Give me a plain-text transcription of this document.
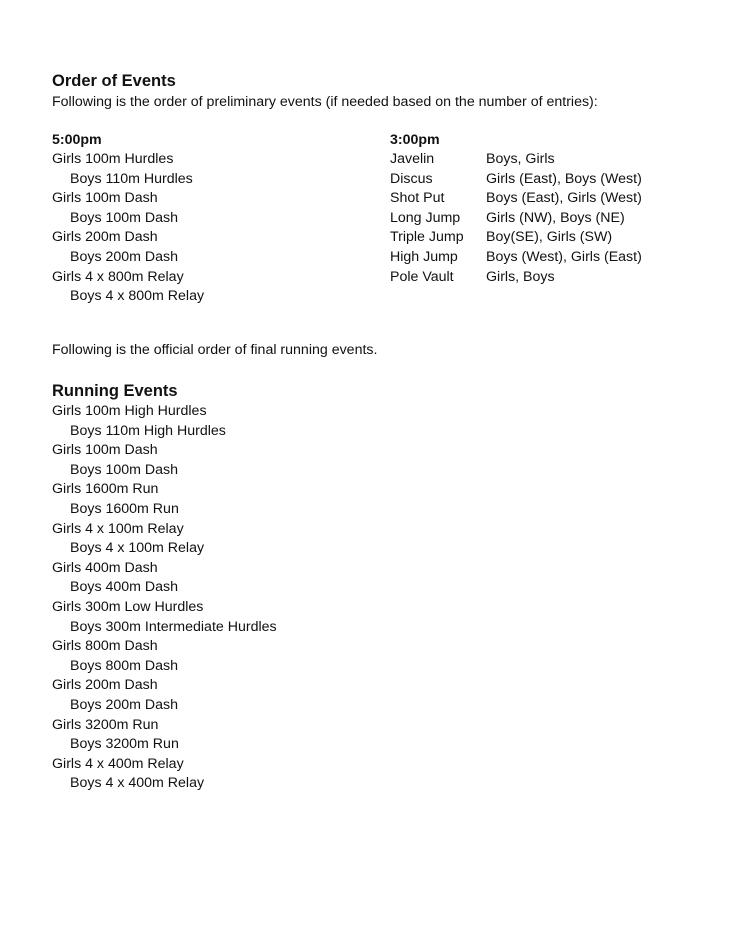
Order of Events

Following is the order of preliminary events (if needed based on the number of entries):

5:00pm
Girls 100m Hurdles
Boys 110m Hurdles
Girls 100m Dash
Boys 100m Dash
Girls 200m Dash
Boys 200m Dash
Girls 4 x 800m Relay
Boys 4 x 800m Relay
3:00pm
Javelin	Boys, Girls
Discus	Girls (East), Boys (West)
Shot Put	Boys (East), Girls (West)
Long Jump	Girls (NW), Boys (NE)
Triple Jump	Boy(SE), Girls (SW)
High Jump	Boys (West), Girls (East)
Pole Vault	Girls, Boys

Following is the official order of final running events.

Running Events
Girls 100m High Hurdles
Boys 110m High Hurdles
Girls 100m Dash
Boys 100m Dash
Girls 1600m Run
Boys 1600m Run
Girls 4 x 100m Relay
Boys 4 x 100m Relay
Girls 400m Dash
Boys 400m Dash
Girls 300m Low Hurdles
Boys 300m Intermediate Hurdles
Girls 800m Dash
Boys 800m Dash
Girls 200m Dash
Boys 200m Dash
Girls 3200m Run
Boys 3200m Run
Girls 4 x 400m Relay
Boys 4 x 400m Relay
